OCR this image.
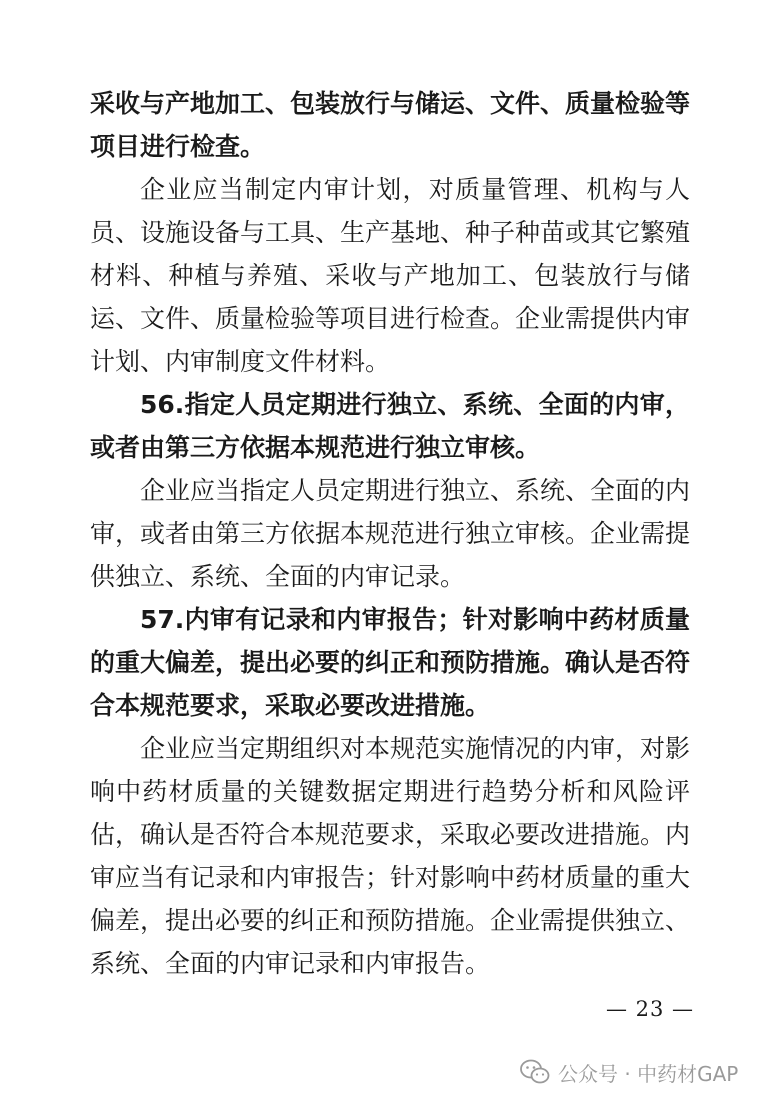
采收与产地加工、包装放行与储运、文件、质量检验等项目进行检查。

企业应当制定内审计划，对质量管理、机构与人员、设施设备与工具、生产基地、种子种苗或其它繁殖材料、种植与养殖、采收与产地加工、包装放行与储运、文件、质量检验等项目进行检查。企业需提供内审计划、内审制度文件材料。

56.指定人员定期进行独立、系统、全面的内审，或者由第三方依据本规范进行独立审核。

企业应当指定人员定期进行独立、系统、全面的内审，或者由第三方依据本规范进行独立审核。企业需提供独立、系统、全面的内审记录。

57.内审有记录和内审报告；针对影响中药材质量的重大偏差，提出必要的纠正和预防措施。确认是否符合本规范要求，采取必要改进措施。

企业应当定期组织对本规范实施情况的内审，对影响中药材质量的关键数据定期进行趋势分析和风险评估，确认是否符合本规范要求，采取必要改进措施。内审应当有记录和内审报告；针对影响中药材质量的重大偏差，提出必要的纠正和预防措施。企业需提供独立、系统、全面的内审记录和内审报告。

— 23 —
公众号 · 中药材GAP
